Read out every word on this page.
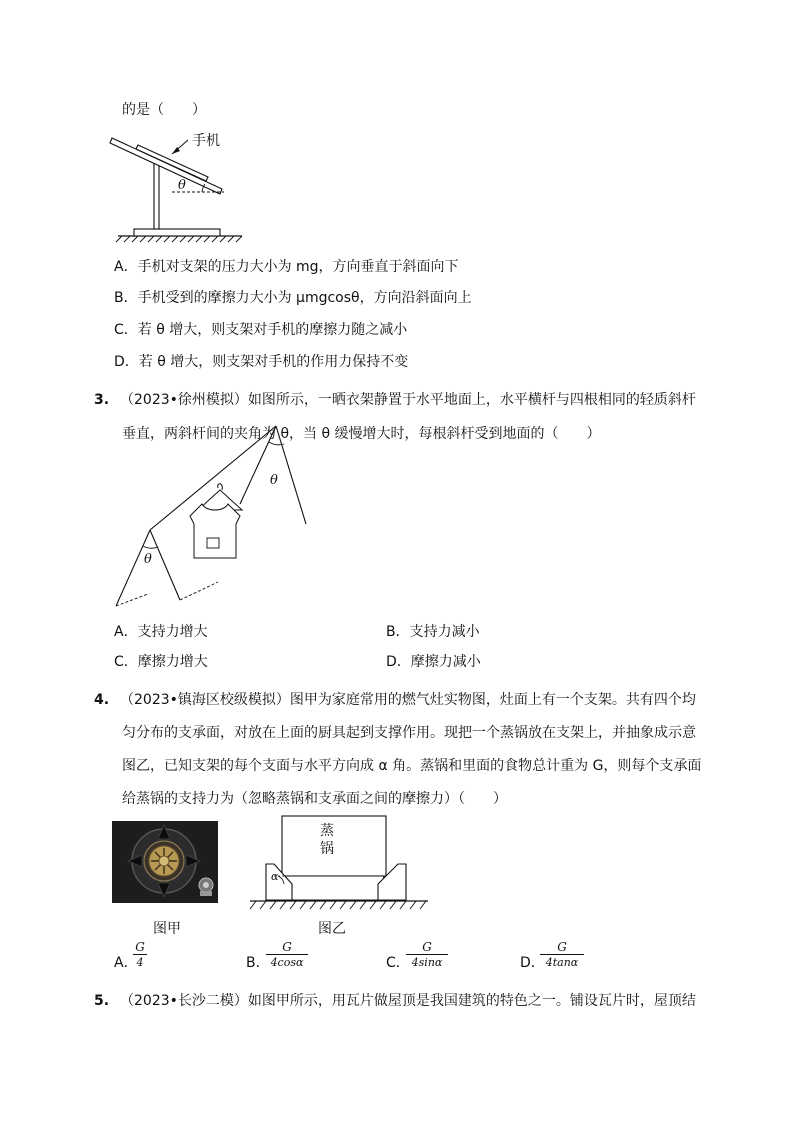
的是（　　）
手机
θ
A．手机对支架的压力大小为 mg，方向垂直于斜面向下
B．手机受到的摩擦力大小为 μmgcosθ，方向沿斜面向上
C．若 θ 增大，则支架对手机的摩擦力随之减小
D．若 θ 增大，则支架对手机的作用力保持不变
3. （2023•徐州模拟）如图所示，一晒衣架静置于水平地面上，水平横杆与四根相同的轻质斜杆
垂直，两斜杆间的夹角为 θ，当 θ 缓慢增大时，每根斜杆受到地面的（　　）
θ
θ
A．支持力增大	B．支持力减小
C．摩擦力增大	D．摩擦力减小
4. （2023•镇海区校级模拟）图甲为家庭常用的燃气灶实物图，灶面上有一个支架。共有四个均
匀分布的支承面，对放在上面的厨具起到支撑作用。现把一个蒸锅放在支架上，并抽象成示意
图乙，已知支架的每个支面与水平方向成 α 角。蒸锅和里面的食物总计重为 G，则每个支承面
给蒸锅的支持力为（忽略蒸锅和支承面之间的摩擦力）（　　）
蒸
锅
α
图甲	图乙
A．
$\frac{G}{4}$	B．
$\frac{G}{4\cos\alpha}$	C．
$\frac{G}{4\sin\alpha}$	D．
$\frac{G}{4\tan\alpha}$
5. （2023•长沙二模）如图甲所示，用瓦片做屋顶是我国建筑的特色之一。铺设瓦片时，屋顶结
